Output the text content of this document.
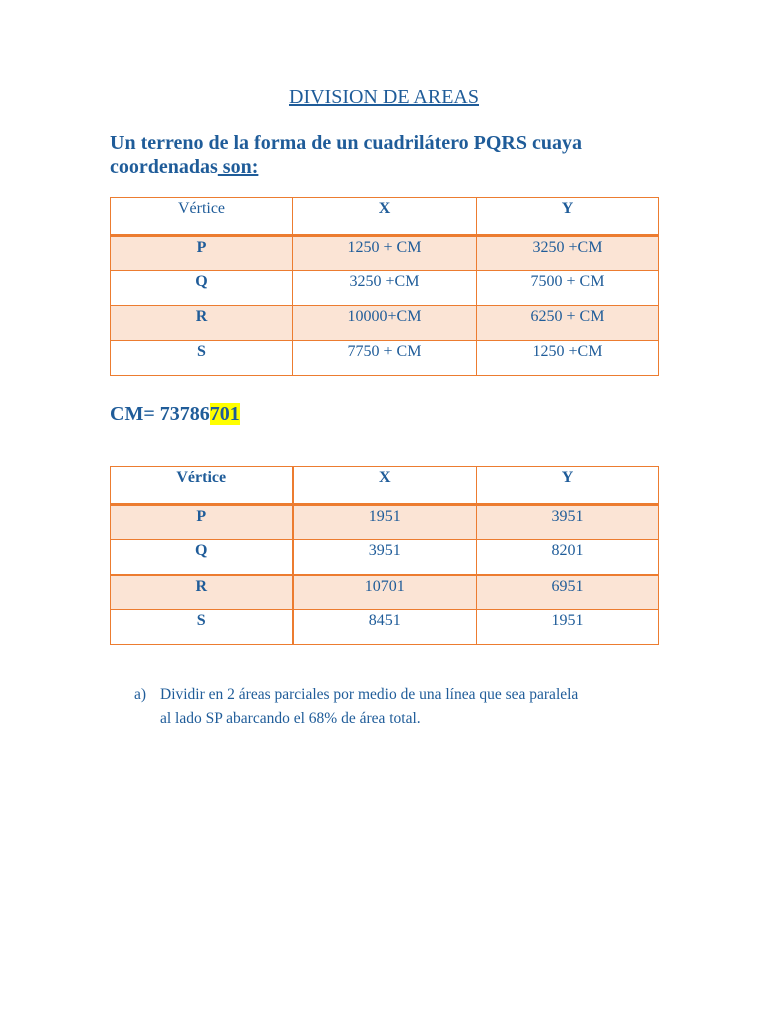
DIVISION DE AREAS
Un terreno de la forma de un cuadrilátero PQRS cuaya
coordenadas son:
Vértice	X	Y
P	1250 + CM	3250 +CM
Q	3250 +CM	7500 + CM
R	10000+CM	6250 + CM
S	7750 + CM	1250 +CM
CM= 73786701
Vértice	X	Y
P	1951	3951
Q	3951	8201
R	10701	6951
S	8451	1951
a) Dividir en 2 áreas parciales por medio de una línea que sea paralela
al lado SP abarcando el 68% de área total.
